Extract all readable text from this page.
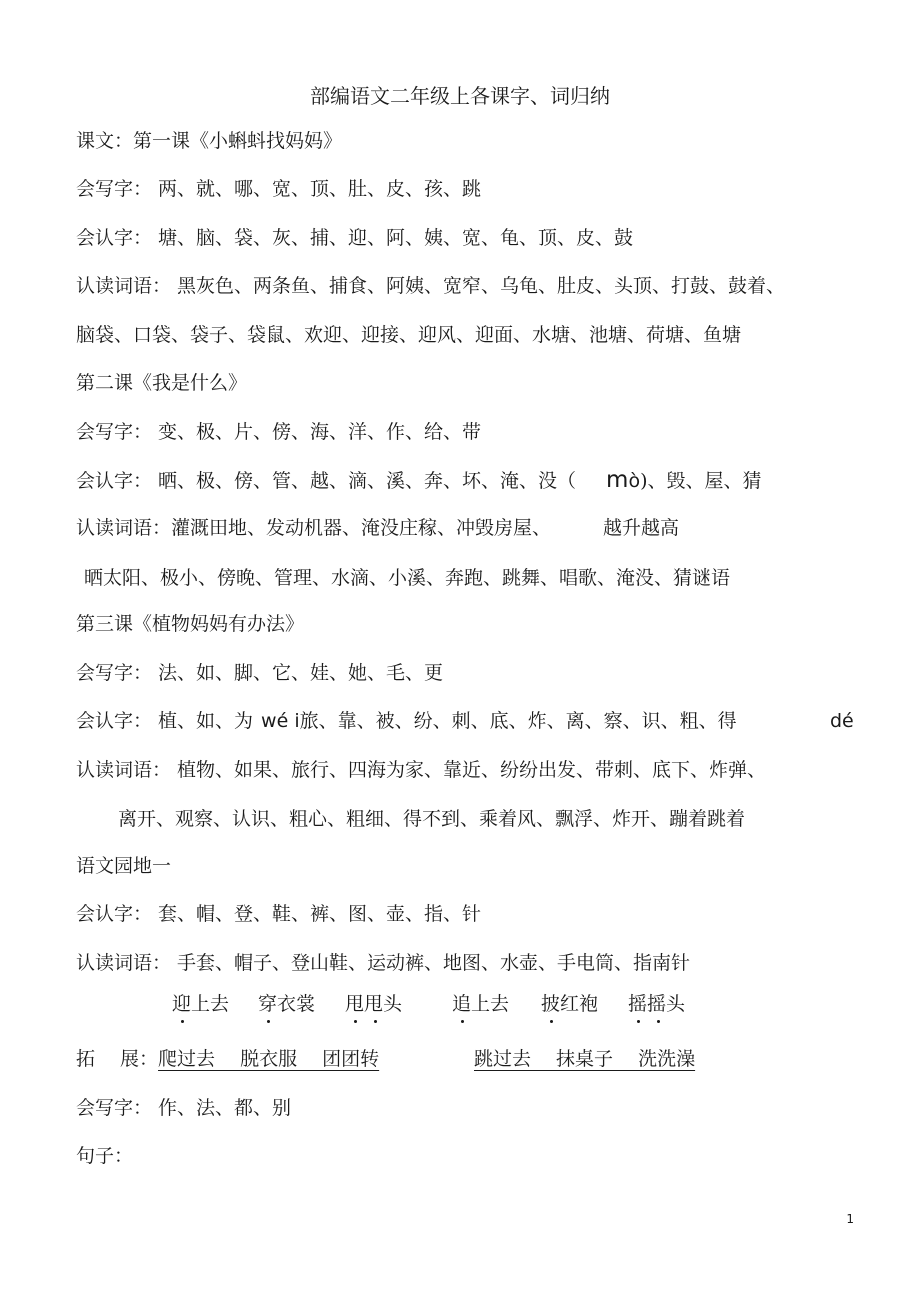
部编语文二年级上各课字、词归纳
课文：第一课《小蝌蚪找妈妈》
会写字： 两、就、哪、宽、顶、肚、皮、孩、跳
会认字： 塘、脑、袋、灰、捕、迎、阿、姨、宽、龟、顶、皮、鼓
认读词语： 黑灰色、两条鱼、捕食、阿姨、宽窄、乌龟、肚皮、头顶、打鼓、鼓着、
脑袋、口袋、袋子、袋鼠、欢迎、迎接、迎风、迎面、水塘、池塘、荷塘、鱼塘
第二课《我是什么》
会写字： 变、极、片、傍、海、洋、作、给、带
会认字： 晒、极、傍、管、越、滴、溪、奔、坏、淹、没（ mò)、毁、屋、猜
认读词语：灌溉田地、发动机器、淹没庄稼、冲毁房屋、	越升越高
晒太阳、极小、傍晚、管理、水滴、小溪、奔跑、跳舞、唱歌、淹没、猜谜语
第三课《植物妈妈有办法》
会写字： 法、如、脚、它、娃、她、毛、更
会认字： 植、如、为 wé i旅、靠、被、纷、刺、底、炸、离、察、识、粗、得	dé
认读词语： 植物、如果、旅行、四海为家、靠近、纷纷出发、带刺、底下、炸弹、
离开、观察、认识、粗心、粗细、得不到、乘着风、飘浮、炸开、蹦着跳着
语文园地一
会认字： 套、帽、登、鞋、裤、图、壶、指、针
认读词语： 手套、帽子、登山鞋、运动裤、地图、水壶、手电筒、指南针
迎上去 穿衣裳 甩甩头	追上去 披红袍 摇摇头
拓　 展：爬过去　 脱衣服　 团团转	跳过去　 抹桌子　 洗洗澡
会写字： 作、法、都、别
句子：
1
